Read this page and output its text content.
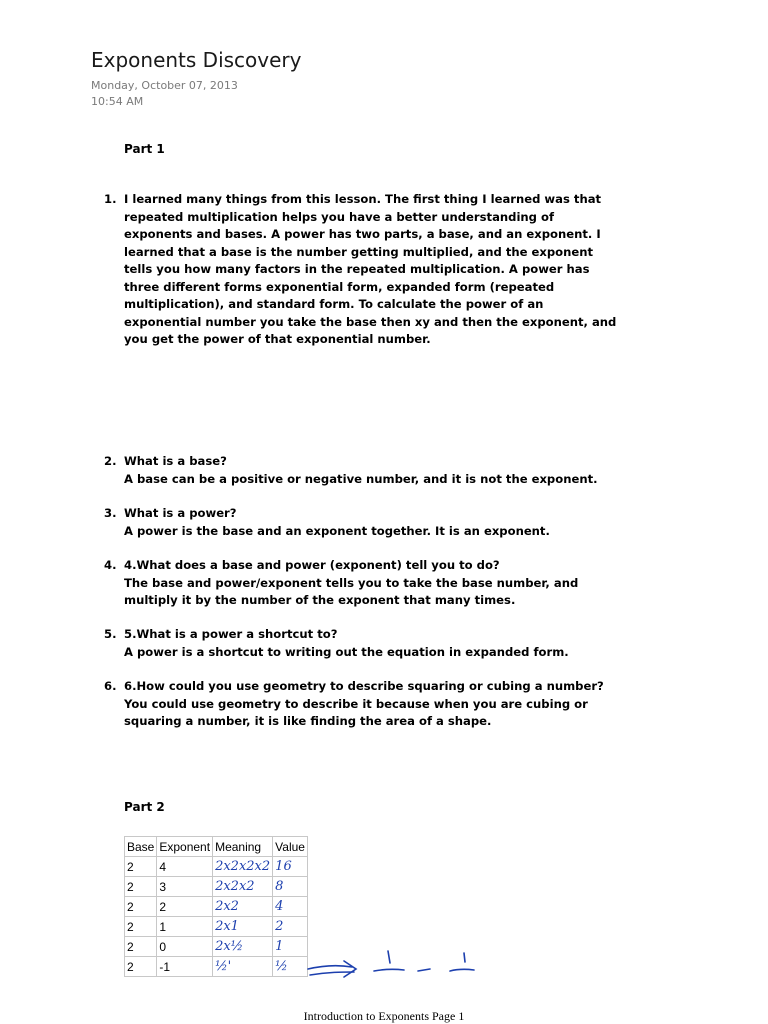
Exponents Discovery
Monday, October 07, 2013
10:54 AM
Part 1
1. I learned many things from this lesson. The first thing I learned was that repeated multiplication helps you have a better understanding of exponents and bases. A power has two parts, a base, and an exponent. I learned that a base is the number getting multiplied, and the exponent tells you how many factors in the repeated multiplication. A power has three different forms exponential form, expanded form (repeated multiplication), and standard form. To calculate the power of an exponential number you take the base then xy and then the exponent, and you get the power of that exponential number.
2. What is a base?
A base can be a positive or negative number, and it is not the exponent.
3. What is a power?
A power is the base and an exponent together. It is an exponent.
4. 4.What does a base and power (exponent) tell you to do?
The base and power/exponent tells you to take the base number, and multiply it by the number of the exponent that many times.
5. 5.What is a power a shortcut to?
A power is a shortcut to writing out the equation in expanded form.
6. 6.How could you use geometry to describe squaring or cubing a number?
You could use geometry to describe it because when you are cubing or squaring a number, it is like finding the area of a shape.
Part 2
Base	Exponent	Meaning	Value
2	4	2x2x2x2	16
2	3	2x2x2	8
2	2	2x2	4
2	1	2x1	2
2	0	2x½	1
2	-1	½'	½
Introduction to Exponents Page 1
